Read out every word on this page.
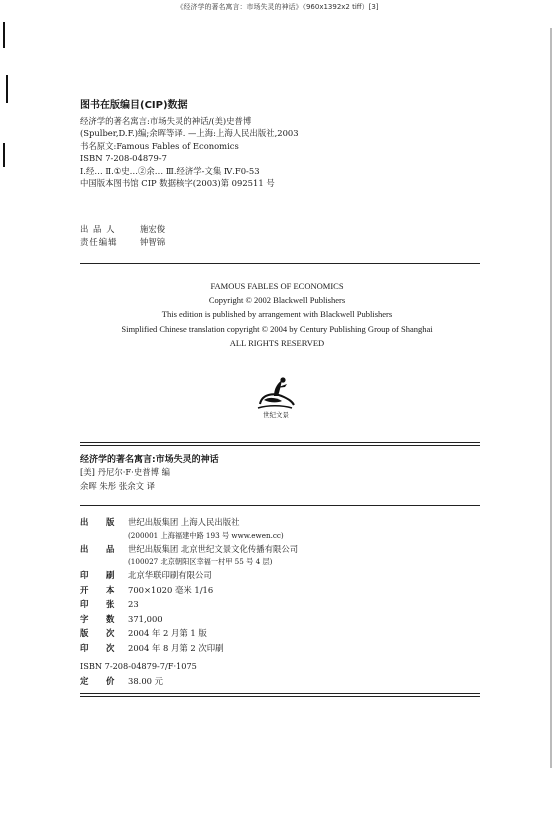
《经济学的著名寓言：市场失灵的神话》（960x1392x2 tiff）[3]
图书在版编目(CIP)数据
经济学的著名寓言:市场失灵的神话/(美)史普博
(Spulber,D.F.)编;余晖等译. —上海:上海人民出版社,2003
书名原文:Famous Fables of Economics
ISBN 7-208-04879-7
Ⅰ.经… Ⅱ.①史…②余… Ⅲ.经济学-文集 Ⅳ.F0-53
中国版本图书馆 CIP 数据核字(2003)第 092511 号
出 品 人	施宏俊
责任编辑	钟智锦
FAMOUS FABLES OF ECONOMICS
Copyright © 2002 Blackwell Publishers
This edition is published by arrangement with Blackwell Publishers
Simplified Chinese translation copyright © 2004 by Century Publishing Group of Shanghai
ALL RIGHTS RESERVED
世纪文景
经济学的著名寓言:市场失灵的神话
[美] 丹尼尔·F·史普博 编
余晖 朱彤 张余文 译
出 版 世纪出版集团 上海人民出版社
(200001 上海福建中路 193 号 www.ewen.cc)
出 品 世纪出版集团 北京世纪文景文化传播有限公司
(100027 北京朝阳区幸福一村甲 55 号 4 层)
印 刷 北京华联印刷有限公司
开 本 700×1020 毫米 1/16
印 张 23
字 数 371,000
版 次 2004 年 2 月第 1 版
印 次 2004 年 8 月第 2 次印刷
ISBN 7-208-04879-7/F·1075
定 价 38.00 元
